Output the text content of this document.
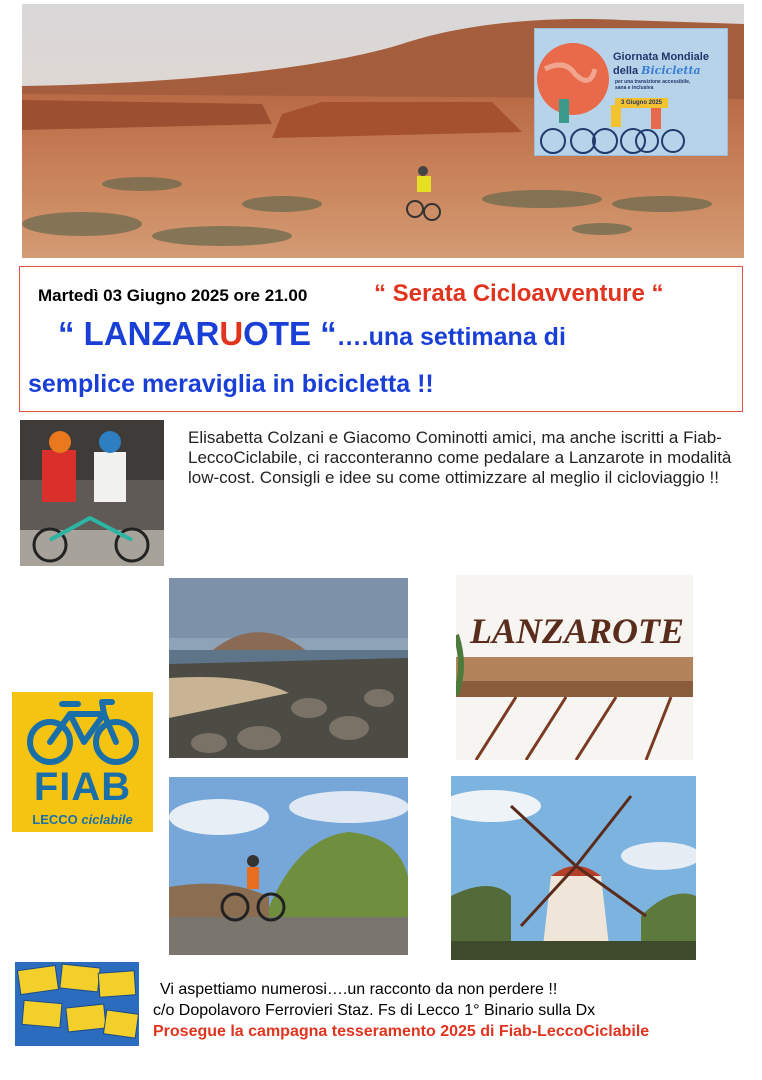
Giornata Mondiale
della Bicicletta
per una transizione accessibile, sana e inclusiva
3 Giugno 2025
Martedì 03 Giugno 2025 ore 21.00	“ Serata Cicloavventure “
“ LANZARUOTE “….una settimana di
semplice meraviglia in bicicletta !!

Elisabetta Colzani e Giacomo Cominotti amici, ma anche iscritti a Fiab-LeccoCiclabile, ci racconteranno come pedalare a Lanzarote in modalità low-cost. Consigli e idee su come ottimizzare al meglio il cicloviaggio !!

LANZAROTE
FIAB
LECCO ciclabile
Vi aspettiamo numerosi….un racconto da non perdere !!
c/o Dopolavoro Ferrovieri Staz. Fs di Lecco 1° Binario sulla Dx
Prosegue la campagna tesseramento 2025 di Fiab-LeccoCiclabile
